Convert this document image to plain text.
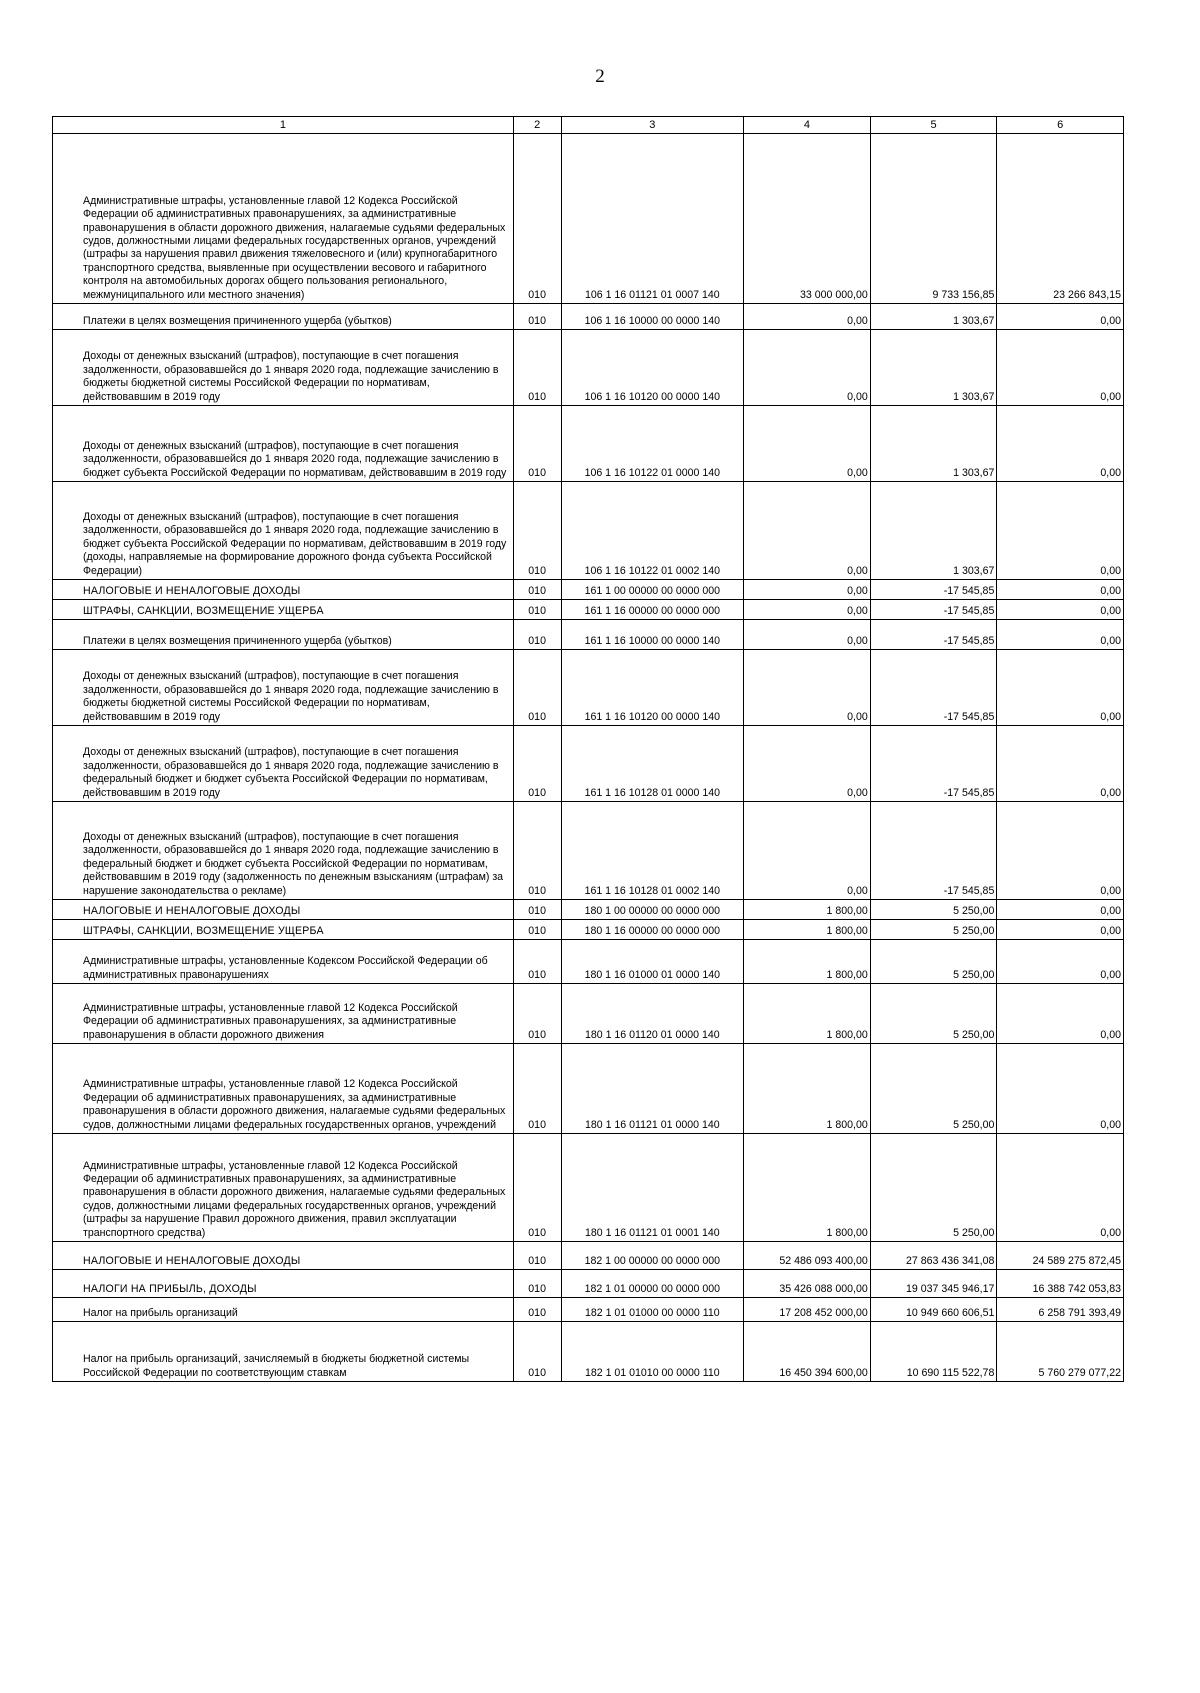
2
1	2	3	4	5	6
Административные штрафы, установленные главой 12 Кодекса Российской Федерации об административных правонарушениях, за административные правонарушения в области дорожного движения, налагаемые судьями федеральных судов, должностными лицами федеральных государственных органов, учреждений (штрафы за нарушения правил движения тяжеловесного и (или) крупногабаритного транспортного средства, выявленные при осуществлении весового и габаритного контроля на автомобильных дорогах общего пользования регионального, межмуниципального или местного значения)	010	106 1 16 01121 01 0007 140	33 000 000,00	9 733 156,85	23 266 843,15
Платежи в целях возмещения причиненного ущерба (убытков)	010	106 1 16 10000 00 0000 140	0,00	1 303,67	0,00
Доходы от денежных взысканий (штрафов), поступающие в счет погашения задолженности, образовавшейся до 1 января 2020 года, подлежащие зачислению в бюджеты бюджетной системы Российской Федерации по нормативам, действовавшим в 2019 году	010	106 1 16 10120 00 0000 140	0,00	1 303,67	0,00
Доходы от денежных взысканий (штрафов), поступающие в счет погашения задолженности, образовавшейся до 1 января 2020 года, подлежащие зачислению в бюджет субъекта Российской Федерации по нормативам, действовавшим в 2019 году	010	106 1 16 10122 01 0000 140	0,00	1 303,67	0,00
Доходы от денежных взысканий (штрафов), поступающие в счет погашения задолженности, образовавшейся до 1 января 2020 года, подлежащие зачислению в бюджет субъекта Российской Федерации по нормативам, действовавшим в 2019 году (доходы, направляемые на формирование дорожного фонда субъекта Российской Федерации)	010	106 1 16 10122 01 0002 140	0,00	1 303,67	0,00
НАЛОГОВЫЕ И НЕНАЛОГОВЫЕ ДОХОДЫ	010	161 1 00 00000 00 0000 000	0,00	-17 545,85	0,00
ШТРАФЫ, САНКЦИИ, ВОЗМЕЩЕНИЕ УЩЕРБА	010	161 1 16 00000 00 0000 000	0,00	-17 545,85	0,00
Платежи в целях возмещения причиненного ущерба (убытков)	010	161 1 16 10000 00 0000 140	0,00	-17 545,85	0,00
Доходы от денежных взысканий (штрафов), поступающие в счет погашения задолженности, образовавшейся до 1 января 2020 года, подлежащие зачислению в бюджеты бюджетной системы Российской Федерации по нормативам, действовавшим в 2019 году	010	161 1 16 10120 00 0000 140	0,00	-17 545,85	0,00
Доходы от денежных взысканий (штрафов), поступающие в счет погашения задолженности, образовавшейся до 1 января 2020 года, подлежащие зачислению в федеральный бюджет и бюджет субъекта Российской Федерации по нормативам, действовавшим в 2019 году	010	161 1 16 10128 01 0000 140	0,00	-17 545,85	0,00
Доходы от денежных взысканий (штрафов), поступающие в счет погашения задолженности, образовавшейся до 1 января 2020 года, подлежащие зачислению в федеральный бюджет и бюджет субъекта Российской Федерации по нормативам, действовавшим в 2019 году (задолженность по денежным взысканиям (штрафам) за нарушение законодательства о рекламе)	010	161 1 16 10128 01 0002 140	0,00	-17 545,85	0,00
НАЛОГОВЫЕ И НЕНАЛОГОВЫЕ ДОХОДЫ	010	180 1 00 00000 00 0000 000	1 800,00	5 250,00	0,00
ШТРАФЫ, САНКЦИИ, ВОЗМЕЩЕНИЕ УЩЕРБА	010	180 1 16 00000 00 0000 000	1 800,00	5 250,00	0,00
Административные штрафы, установленные Кодексом Российской Федерации об административных правонарушениях	010	180 1 16 01000 01 0000 140	1 800,00	5 250,00	0,00
Административные штрафы, установленные главой 12 Кодекса Российской Федерации об административных правонарушениях, за административные правонарушения в области дорожного движения	010	180 1 16 01120 01 0000 140	1 800,00	5 250,00	0,00
Административные штрафы, установленные главой 12 Кодекса Российской Федерации об административных правонарушениях, за административные правонарушения в области дорожного движения, налагаемые судьями федеральных судов, должностными лицами федеральных государственных органов, учреждений	010	180 1 16 01121 01 0000 140	1 800,00	5 250,00	0,00
Административные штрафы, установленные главой 12 Кодекса Российской Федерации об административных правонарушениях, за административные правонарушения в области дорожного движения, налагаемые судьями федеральных судов, должностными лицами федеральных государственных органов, учреждений (штрафы за нарушение Правил дорожного движения, правил эксплуатации транспортного средства)	010	180 1 16 01121 01 0001 140	1 800,00	5 250,00	0,00
НАЛОГОВЫЕ И НЕНАЛОГОВЫЕ ДОХОДЫ	010	182 1 00 00000 00 0000 000	52 486 093 400,00	27 863 436 341,08	24 589 275 872,45
НАЛОГИ НА ПРИБЫЛЬ, ДОХОДЫ	010	182 1 01 00000 00 0000 000	35 426 088 000,00	19 037 345 946,17	16 388 742 053,83
Налог на прибыль организаций	010	182 1 01 01000 00 0000 110	17 208 452 000,00	10 949 660 606,51	6 258 791 393,49
Налог на прибыль организаций, зачисляемый в бюджеты бюджетной системы Российской Федерации по соответствующим ставкам	010	182 1 01 01010 00 0000 110	16 450 394 600,00	10 690 115 522,78	5 760 279 077,22
